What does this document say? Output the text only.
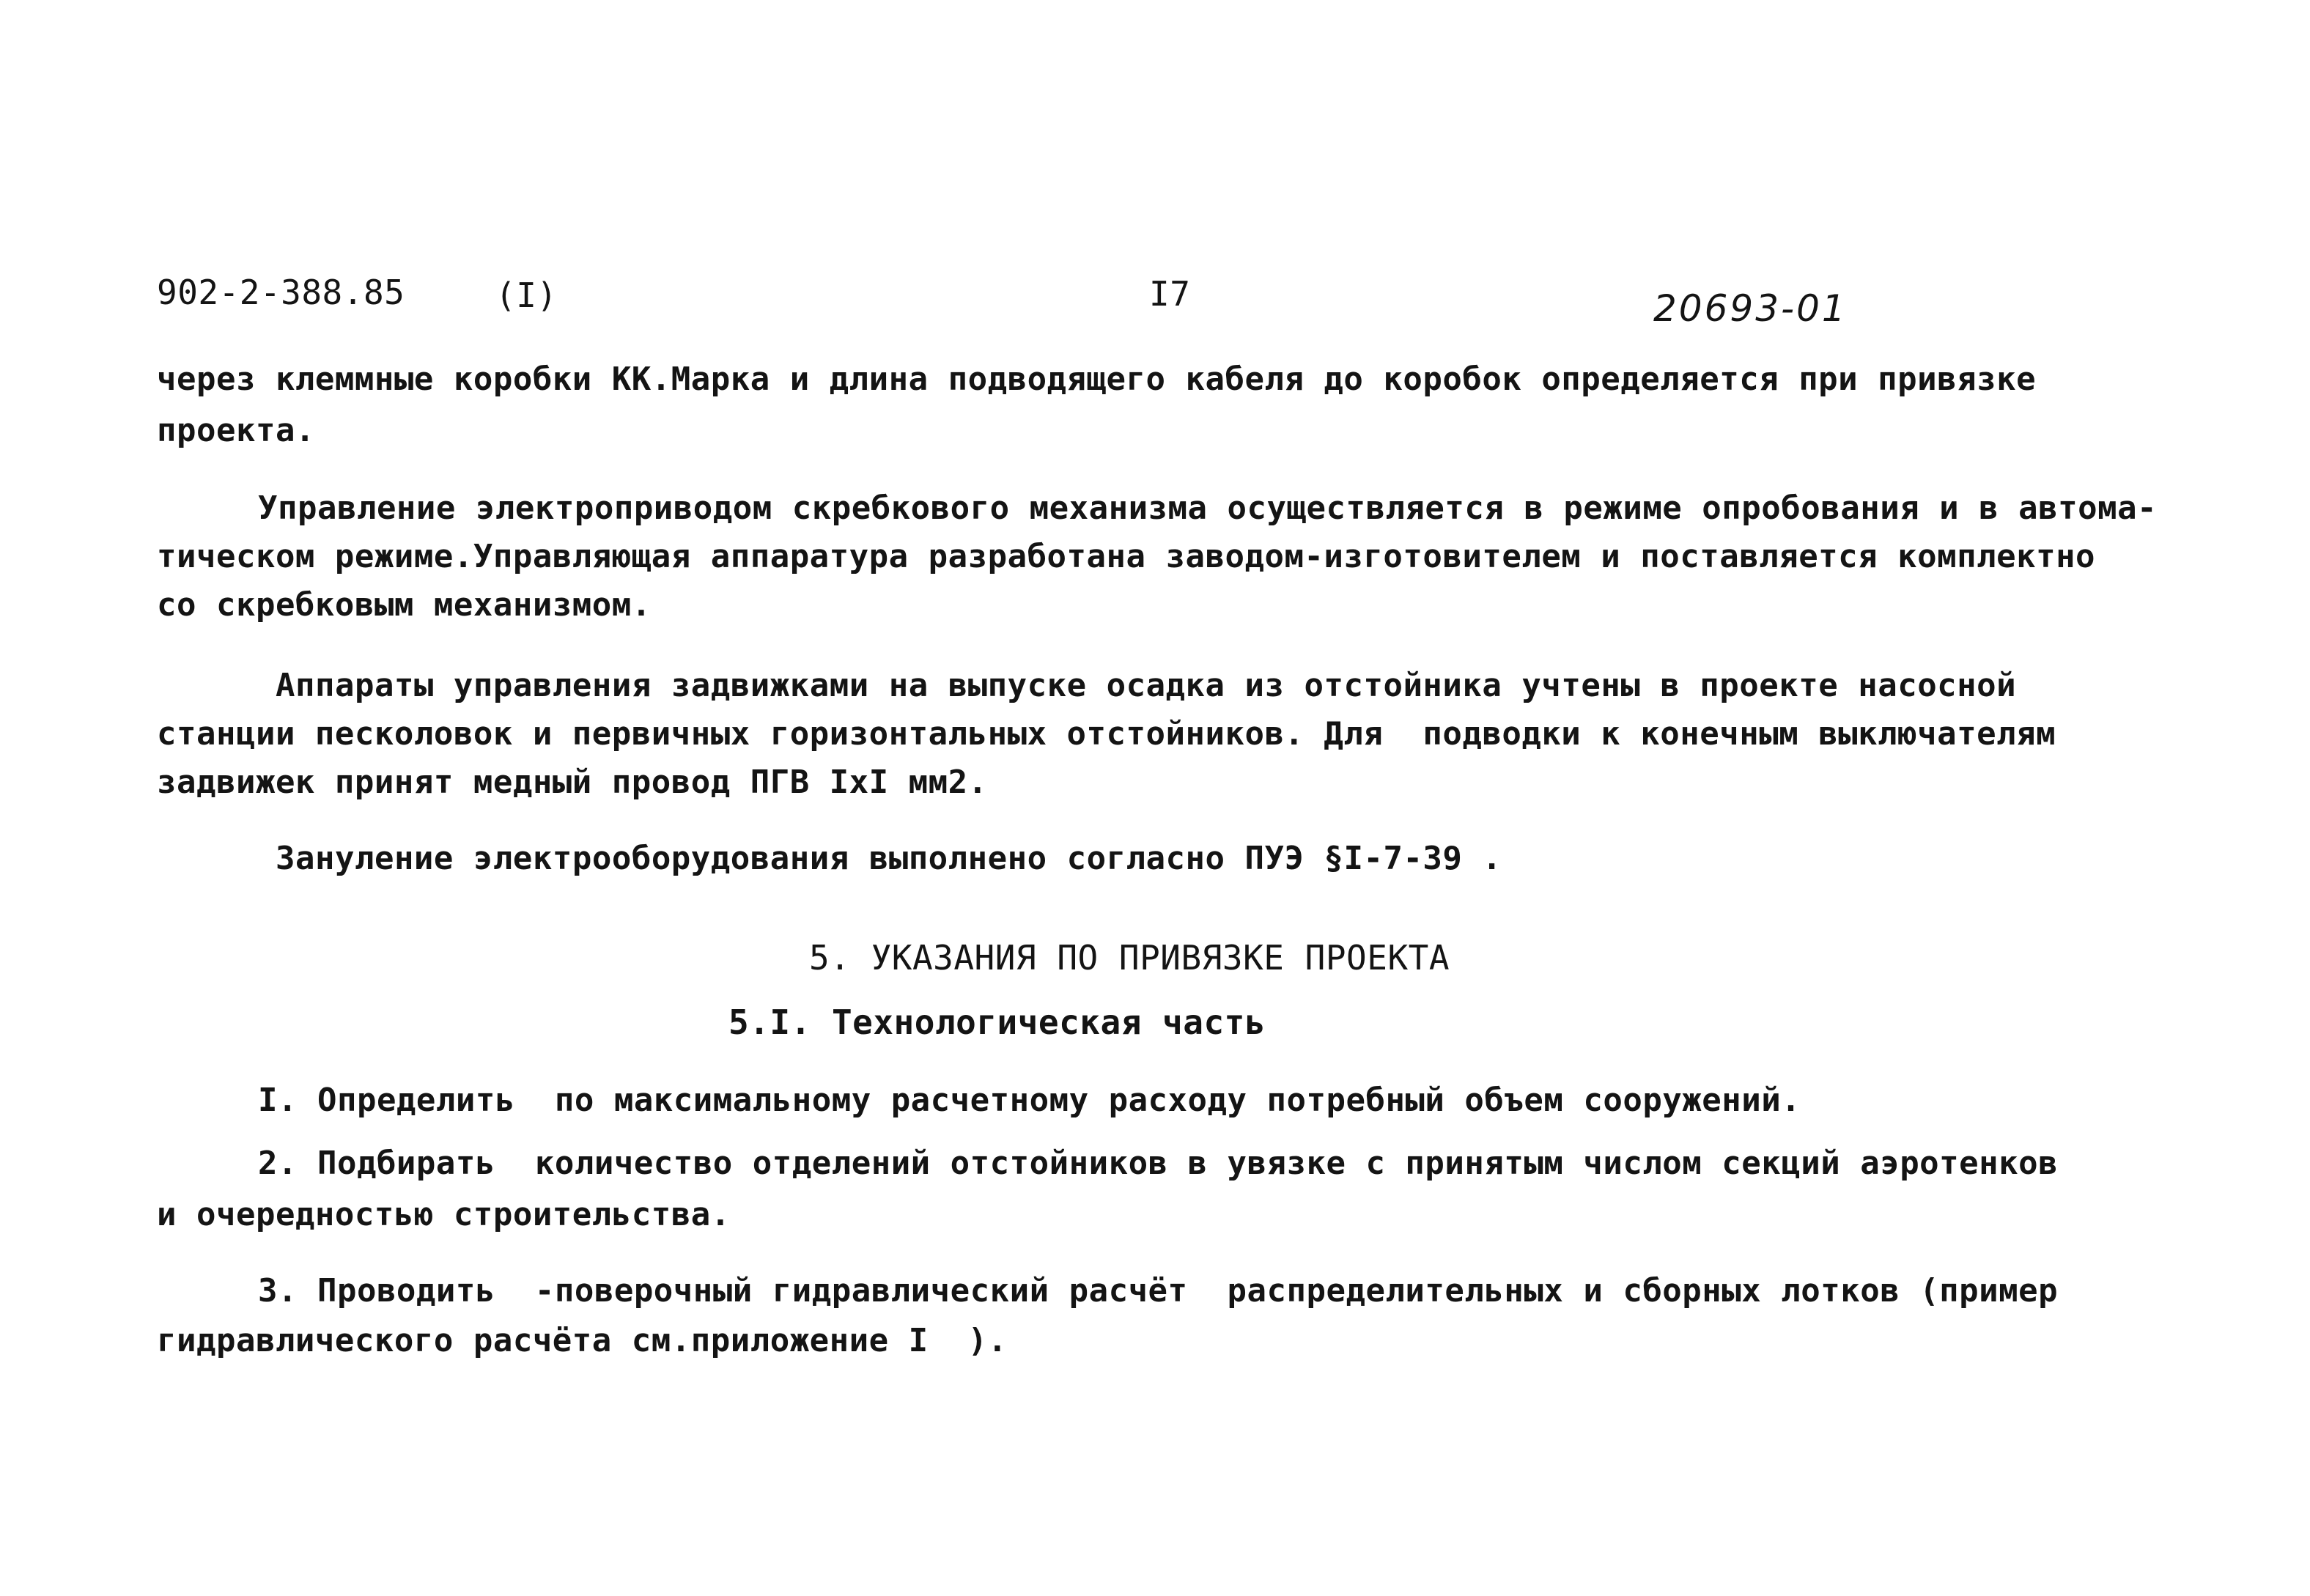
902-2-388.85	(I)	I7	20693-01
через клеммные коробки КК.Марка и длина подводящего кабеля до коробок определяется при привязке
проекта.
Управление электроприводом скребкового механизма осуществляется в режиме опробования и в автома-
тическом режиме.Управляющая аппаратура разработана заводом-изготовителем и поставляется комплектно
со скребковым механизмом.
Аппараты управления задвижками на выпуске осадка из отстойника учтены в проекте насосной
станции песколовок и первичных горизонтальных отстойников. Для  подводки к конечным выключателям
задвижек принят медный провод ПГВ IxI мм2.
Зануление электрооборудования выполнено согласно ПУЭ §I-7-39 .
5. УКАЗАНИЯ ПО ПРИВЯЗКЕ ПРОЕКТА
5.I. Технологическая часть
I. Определить  по максимальному расчетному расходу потребный объем сооружений.
2. Подбирать  количество отделений отстойников в увязке с принятым числом секций аэротенков
и очередностью строительства.
3. Проводить  -поверочный гидравлический расчёт  распределительных и сборных лотков (пример
гидравлического расчёта см.приложение I  ).
